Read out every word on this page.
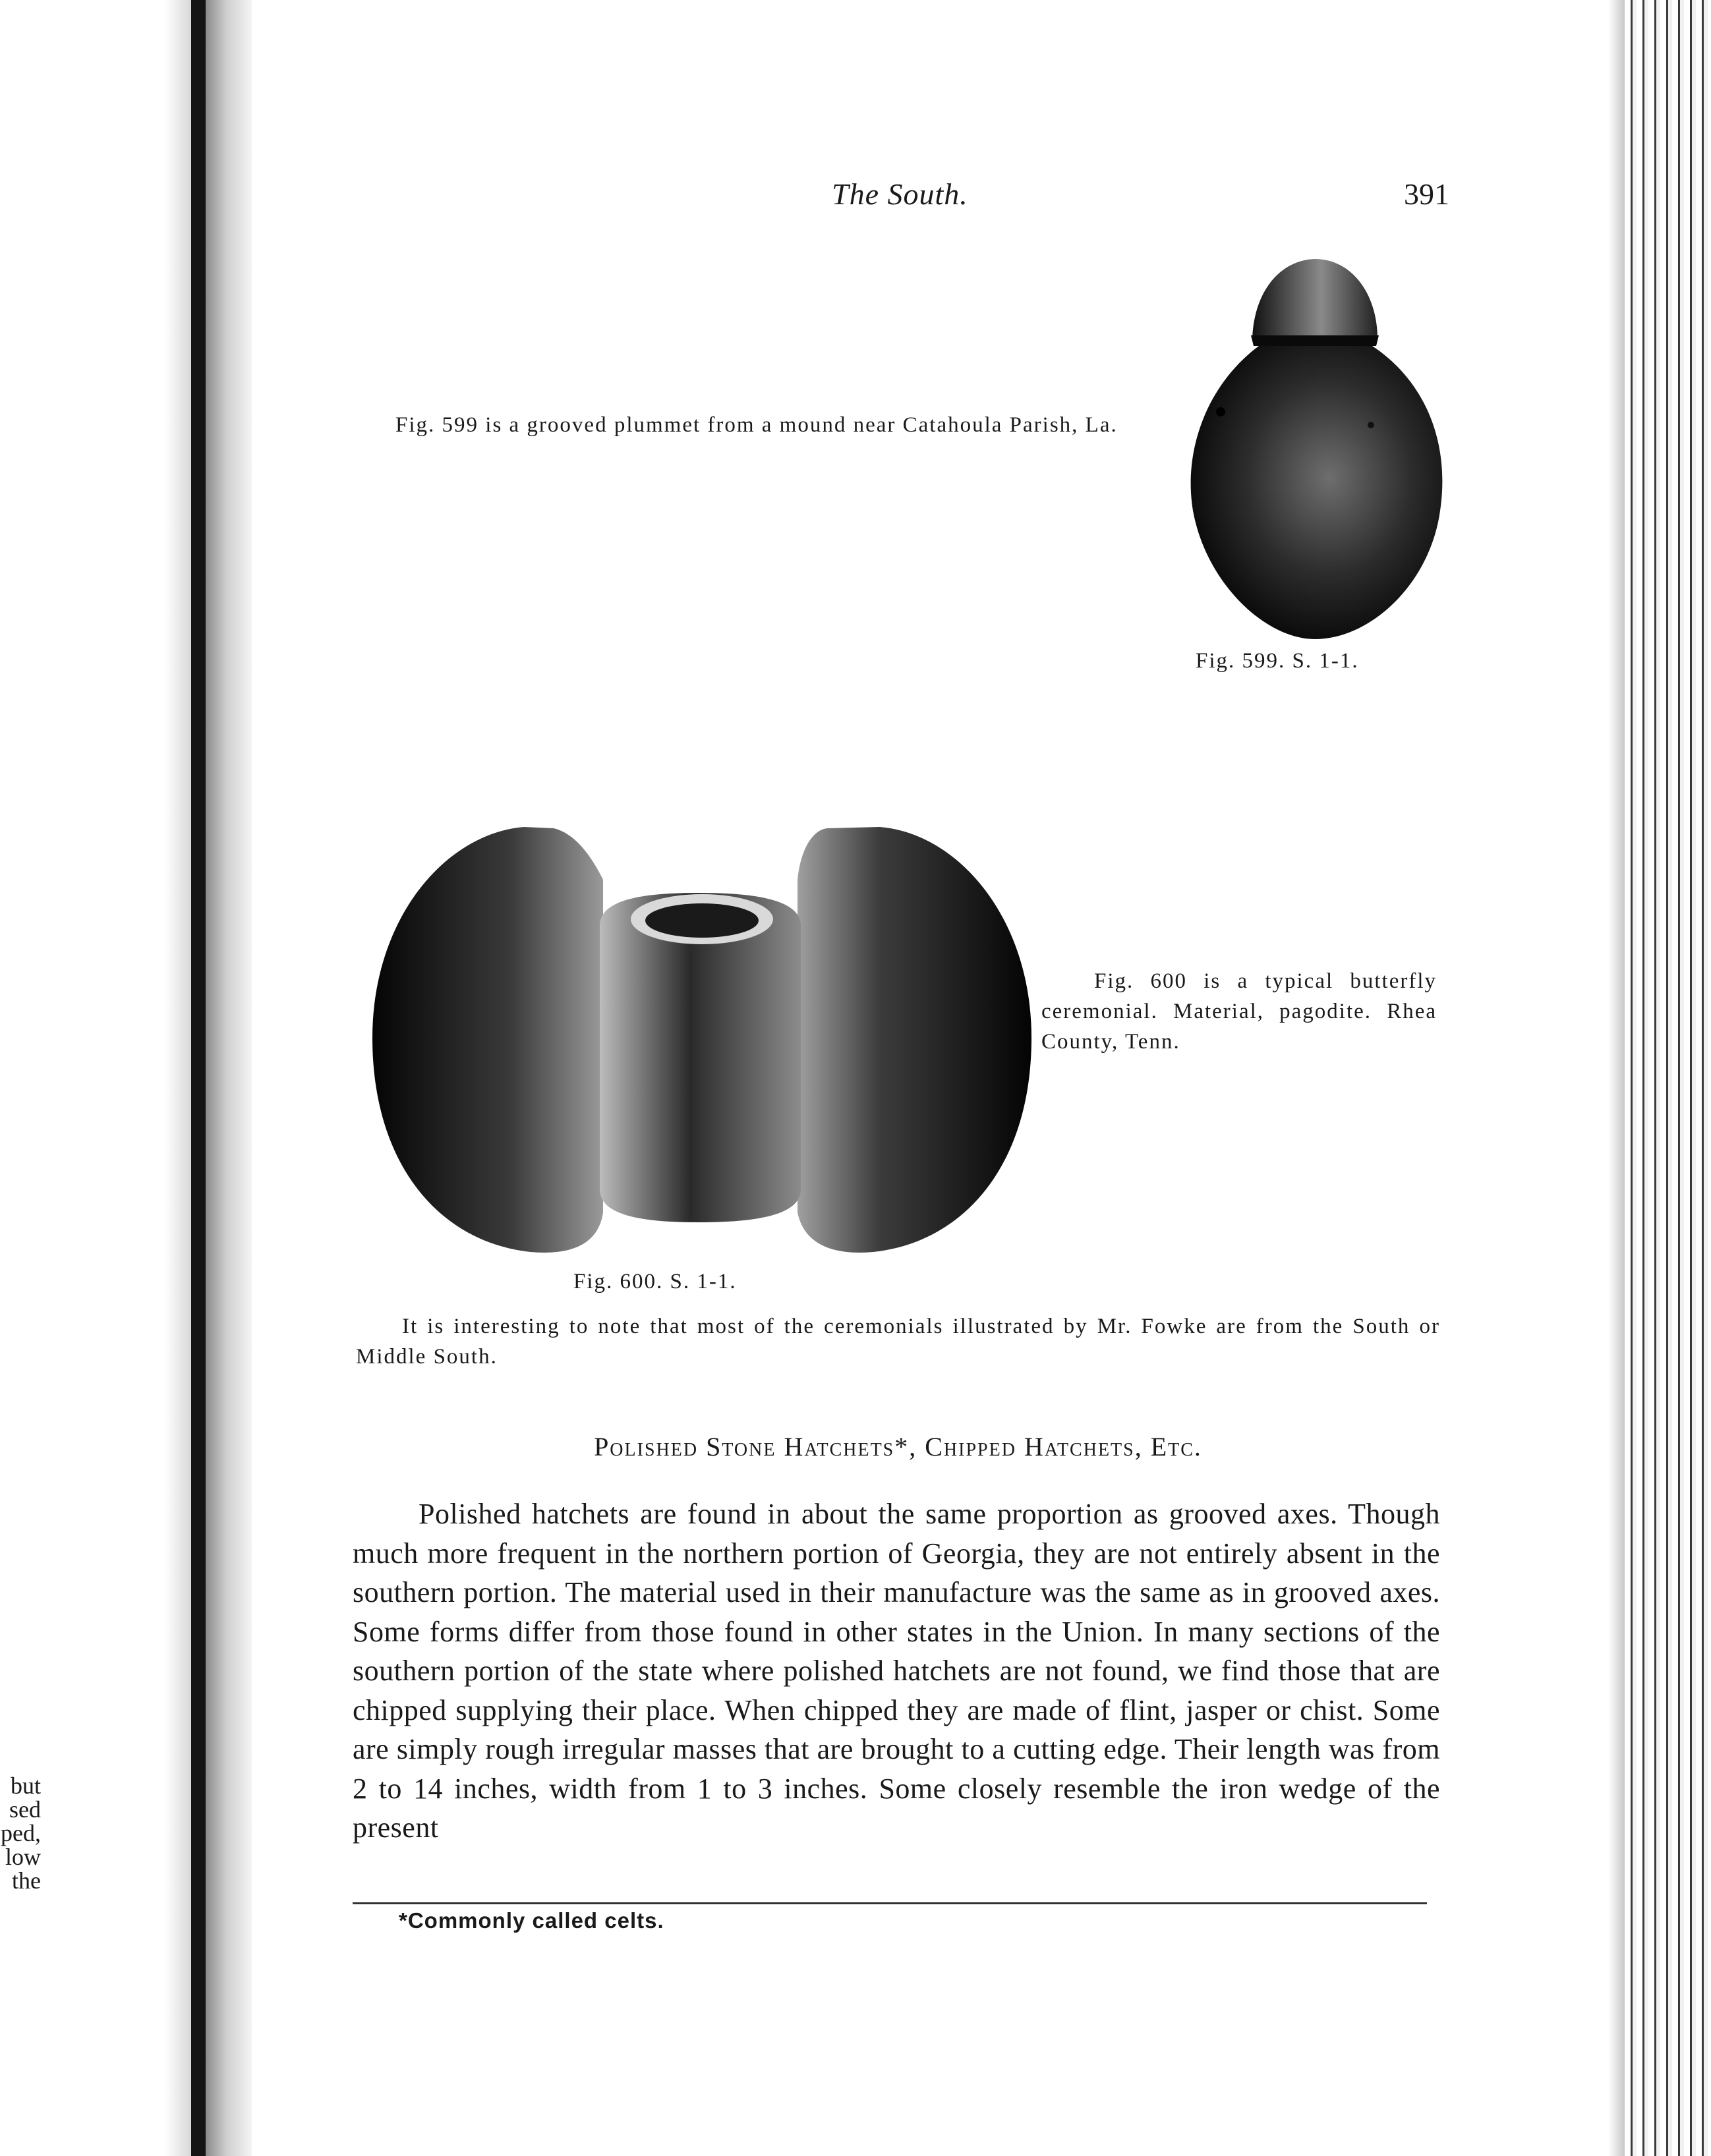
but
sed
ped,
low
the
The South.	391
Fig. 599 is a grooved plummet from a mound near Catahoula Parish, La.
Fig. 599. S. 1-1.
Fig. 600 is a typical butterfly ceremonial. Material, pagodite. Rhea County, Tenn.
Fig. 600. S. 1-1.
It is interesting to note that most of the ceremonials illustrated by Mr. Fowke are from the South or Middle South.
Polished Stone Hatchets*, Chipped Hatchets, Etc.
Polished hatchets are found in about the same proportion as grooved axes. Though much more frequent in the northern portion of Georgia, they are not entirely absent in the southern portion. The material used in their manufacture was the same as in grooved axes. Some forms differ from those found in other states in the Union. In many sections of the southern portion of the state where polished hatchets are not found, we find those that are chipped supplying their place. When chipped they are made of flint, jasper or chist. Some are simply rough irregular masses that are brought to a cutting edge. Their length was from 2 to 14 inches, width from 1 to 3 inches. Some closely resemble the iron wedge of the present
*Commonly called celts.
